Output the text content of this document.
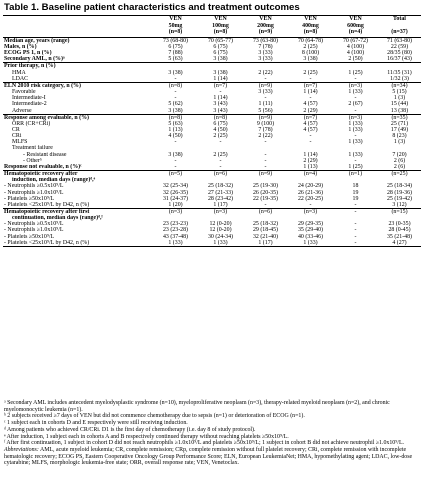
Table 1. Baseline patient characteristics and treatment outcomes
	VEN
50mg
(n=8)	VEN
100mg
(n=8)	VEN
200mg
(n=9)	VEN
400mg
(n=8)	VEN
600mg
(n=4)	Total

(n=37)
Median age, years (range)	73 (68-80)	70 (65-77)	73 (63-80)	70 (64-78)	70 (67-72)	71 (63-80)
Males, n (%)	6 (75)	6 (75)	7 (78)	2 (25)	4 (100)	22 (59)
ECOG PS 1, n (%)	7 (88)	6 (75)	3 (33)	8 (100)	4 (100)	28/35 (80)
Secondary AML, n (%)ᵃ	5 (63)	3 (38)	3 (33)	3 (38)	2 (50)	16/37 (43)
Prior therapy, n (%)						
HMA	3 (38)	3 (38)	2 (22)	2 (25)	1 (25)	11/35 (31)
LDAC	-	1 (14)	-	-	-	1/32 (3)
ELN 2010 risk category, n (%)	(n=8)	(n=7)	(n=9)	(n=7)	(n=3)	(n=34)
Favorable	-	-	3 (33)	1 (14)	1 (33)	5 (15)
Intermediate-I	-	1 (14)	-	-	-	1 (3)
Intermediate-2	5 (62)	3 (43)	1 (11)	4 (57)	2 (67)	15 (44)
Adverse	3 (38)	3 (43)	5 (56)	2 (29)	-	13 (38)
Response among evaluable, n (%)	(n=8)	(n=8)	(n=9)	(n=7)	(n=3)	(n=35)
ORR (CR+CRi)	5 (63)	6 (75)	9 (100)	4 (57)	1 (33)	25 (71)
CR	1 (13)	4 (50)	7 (78)	4 (57)	1 (33)	17 (49)
CRi	4 (50)	2 (25)	2 (22)	-	-	8 (23)
MLFS	-	-	-	-	1 (33)	1 (3)
Treatment failure						
- Resistant disease	3 (38)	2 (25)	-	1 (14)	1 (33)	7 (20)
- Otherᵇ	-	-	-	2 (29)	-	2 (6)
Response not evaluable, n (%)ᶜ	-	-	-	1 (13)	1 (25)	2 (6)
Hematopoietic recovery after	(n=5)	(n=6)	(n=9)	(n=4)	(n=1)	(n=25)
induction, median days (range)ᵈ,ᵉ						
- Neutrophils ≥0.5x10⁹/L	32 (25-34)	25 (18-32)	25 (19-30)	24 (20-29)	18	25 (18-34)
- Neutrophils ≥1.0x10⁹/L	32 (26-35)	27 (21-33)	26 (20-35)	26 (21-36)	19	28 (19-36)
- Platelets ≥50x10⁹/L	31 (24-37)	28 (23-42)	22 (19-35)	22 (20-25)	19	25 (19-42)
- Platelets <25x10⁹/L by D42, n (%)	1 (20)	1 (17)	-	-	-	3 (12)
Hematopoietic recovery after first	(n=3)	(n=3)	(n=6)	(n=3)	-	(n=15)
continuation, median days (range)ᵈ,ᶠ						
- Neutrophils ≥0.5x10⁹/L	23 (23-23)	12 (0-20)	25 (18-32)	29 (29-35)	-	23 (0-35)
- Neutrophils ≥1.0x10⁹/L	23 (23-28)	12 (0-20)	29 (18-45)	35 (29-40)	-	28 (0-45)
- Platelets ≥50x10⁹/L	43 (37-48)	30 (24-34)	32 (21-40)	40 (33-46)	-	35 (21-48)
- Platelets <25x10⁹/L by D42, n (%)	1 (33)	1 (33)	1 (17)	1 (33)	-	4 (27)

ᵃ Secondary AML includes antecedent myelodysplastic syndrome (n=10), myeloproliferative neoplasm (n=3), therapy-related myeloid neoplasm (n=2), and chronic myelomonocytic leukemia (n=1).

ᵇ 2 subjects received ≥7 days of VEN but did not commence chemotherapy due to sepsis (n=1) or deterioration of ECOG (n=1).

ᶜ 1 subject each in cohorts D and E respectively were still receiving induction.

ᵈ Among patients who achieved CR/CRi. D1 is the first day of chemotherapy (i.e. day 8 of study protocol).

ᵉ After induction, 1 subject each in cohorts A and B respectively continued therapy without reaching platelets ≥50x10⁹/L.

ᶠ After first continuation, 1 subject in cohort D did not reach neutrophils ≥1.0x10⁹/L and platelets ≥50x10⁹/L; 1 subject in cohort B did not achieve neutrophil ≥1.0x10⁹/L.

Abbreviations: AML, acute myeloid leukemia; CR, complete remission; CRp, complete remission without full platelet recovery; CRi, complete remission with incomplete hematologic recovery; ECOG PS, Eastern Cooperative Oncology Group Performance Score; ELN, European LeukemiaNet; HMA, hypomethylating agent; LDAC, low-dose cytarabine; MLFS, morphologic leukemia-free state; ORR, overall response rate; VEN, Venetoclax.
